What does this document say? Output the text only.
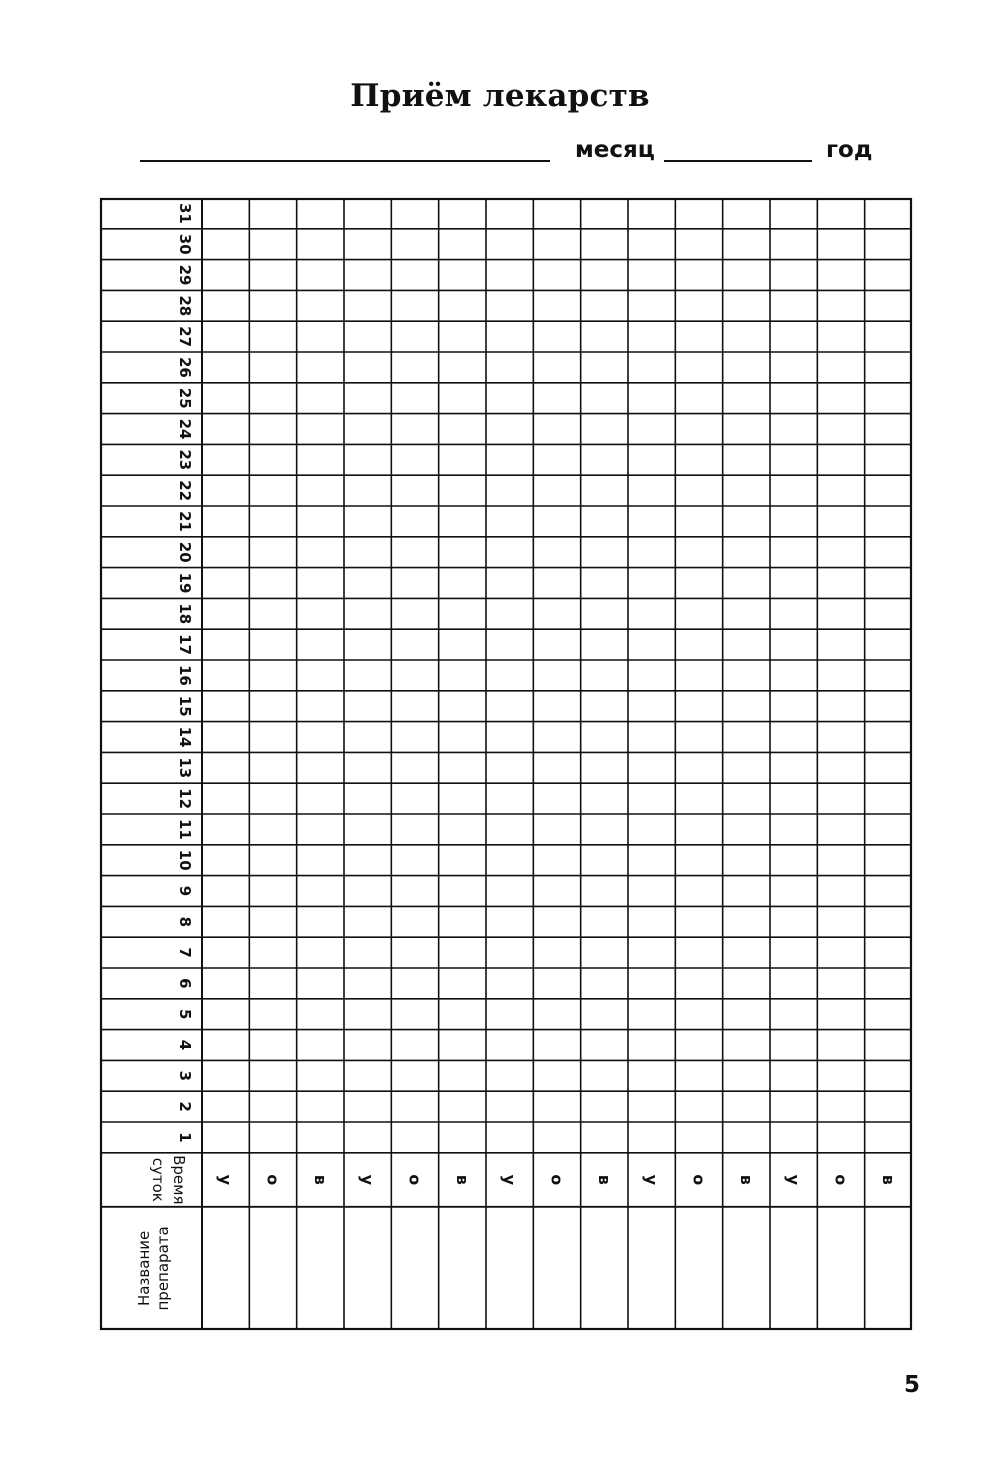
Приём лекарств
месяц	год
31
30
29
28
27
26
25
24
23
22
21
20
19
18
17
16
15
14
13
12
11
10
9
8
7
6
5
4
3
2
1
Время
суток	у о в у о в у о в у о в у о в
Название препарата
5
